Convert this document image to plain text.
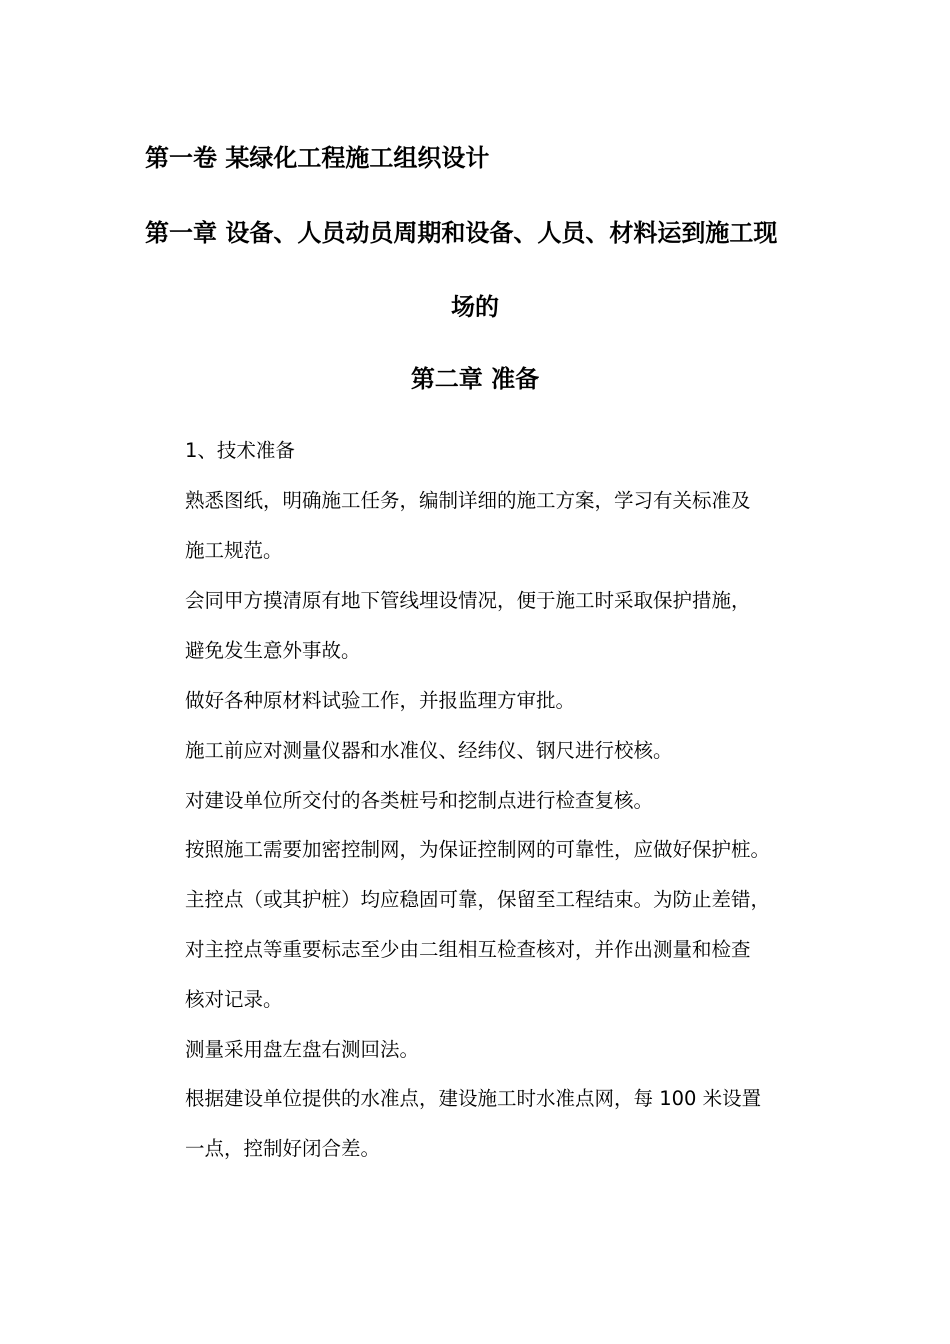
第一卷 某绿化工程施工组织设计
第一章 设备、人员动员周期和设备、人员、材料运到施工现
场的
第二章 准备
1、技术准备
熟悉图纸，明确施工任务，编制详细的施工方案，学习有关标准及
施工规范。
会同甲方摸清原有地下管线埋设情况，便于施工时采取保护措施，
避免发生意外事故。
做好各种原材料试验工作，并报监理方审批。
施工前应对测量仪器和水准仪、经纬仪、钢尺进行校核。
对建设单位所交付的各类桩号和挖制点进行检查复核。
按照施工需要加密控制网，为保证控制网的可靠性，应做好保护桩。
主控点（或其护桩）均应稳固可靠，保留至工程结束。为防止差错，
对主控点等重要标志至少由二组相互检查核对，并作出测量和检查
核对记录。
测量采用盘左盘右测回法。
根据建设单位提供的水准点，建设施工时水准点网，每 100 米设置
一点，控制好闭合差。
